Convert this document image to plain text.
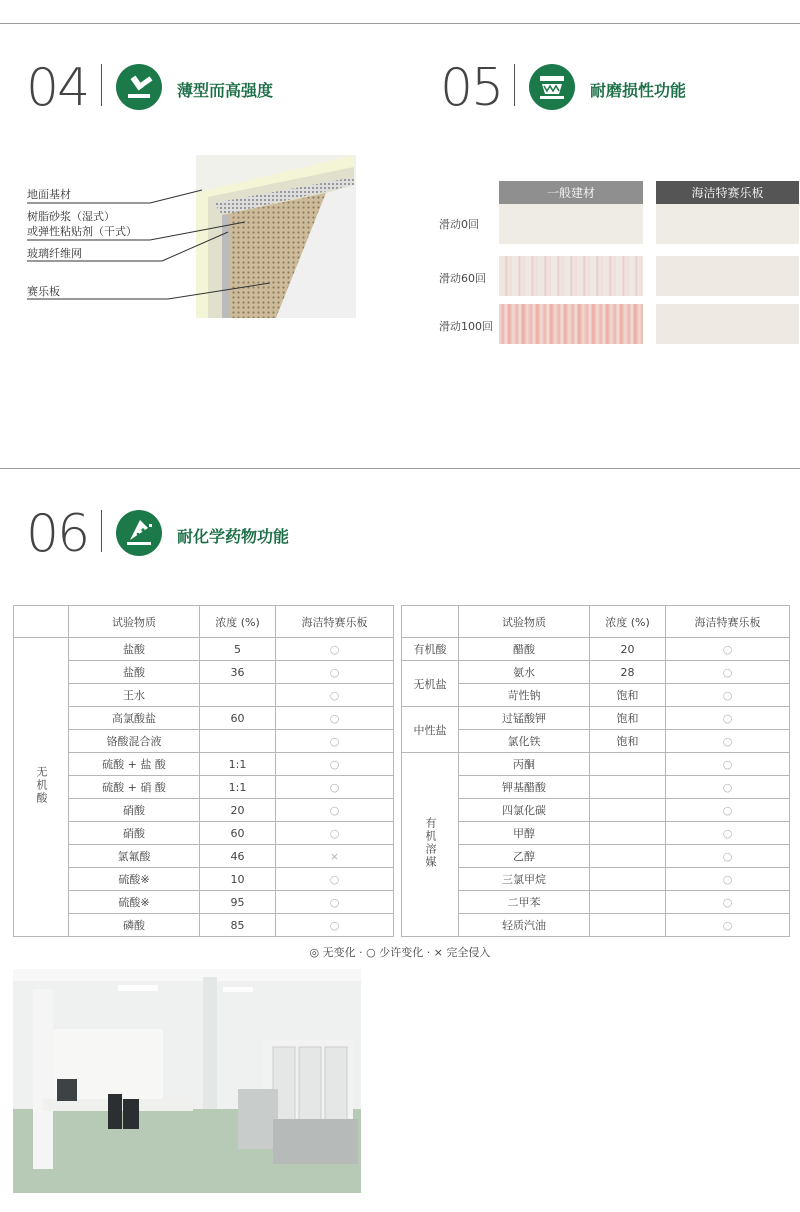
04	薄型而高强度
地面基材
树脂砂浆（湿式）
或弹性粘贴剂（干式）
玻璃纤维网
赛乐板
05	耐磨损性功能
一般建材	海洁特赛乐板
滑动0回
滑动60回
滑动100回
06	耐化学药物功能
	试验物质	浓度 (%)	海洁特赛乐板			试验物质	浓度 (%)	海洁特赛乐板
无机酸	盐酸	5	○		有机酸	醋酸	20	○
	盐酸	36	○		无机盐	氨水	28	○
	王水		○			苛性钠	饱和	○
	高氯酸盐	60	○		中性盐	过锰酸钾	饱和	○
	铬酸混合液		○			氯化铁	饱和	○
	硫酸 + 盐 酸	1:1	○		有机溶媒	丙酮		○
	硫酸 + 硝 酸	1:1	○			钾基醋酸		○
	硝酸	20	○			四氯化碳		○
	硝酸	60	○			甲醇		○
	氯氟酸	46	×			乙醇		○
	硫酸※	10	○			三氯甲烷		○
	硫酸※	95	○			二甲苯		○
	磷酸	85	○			轻质汽油		○
◎ 无变化 · ○ 少许变化 · × 完全侵入
